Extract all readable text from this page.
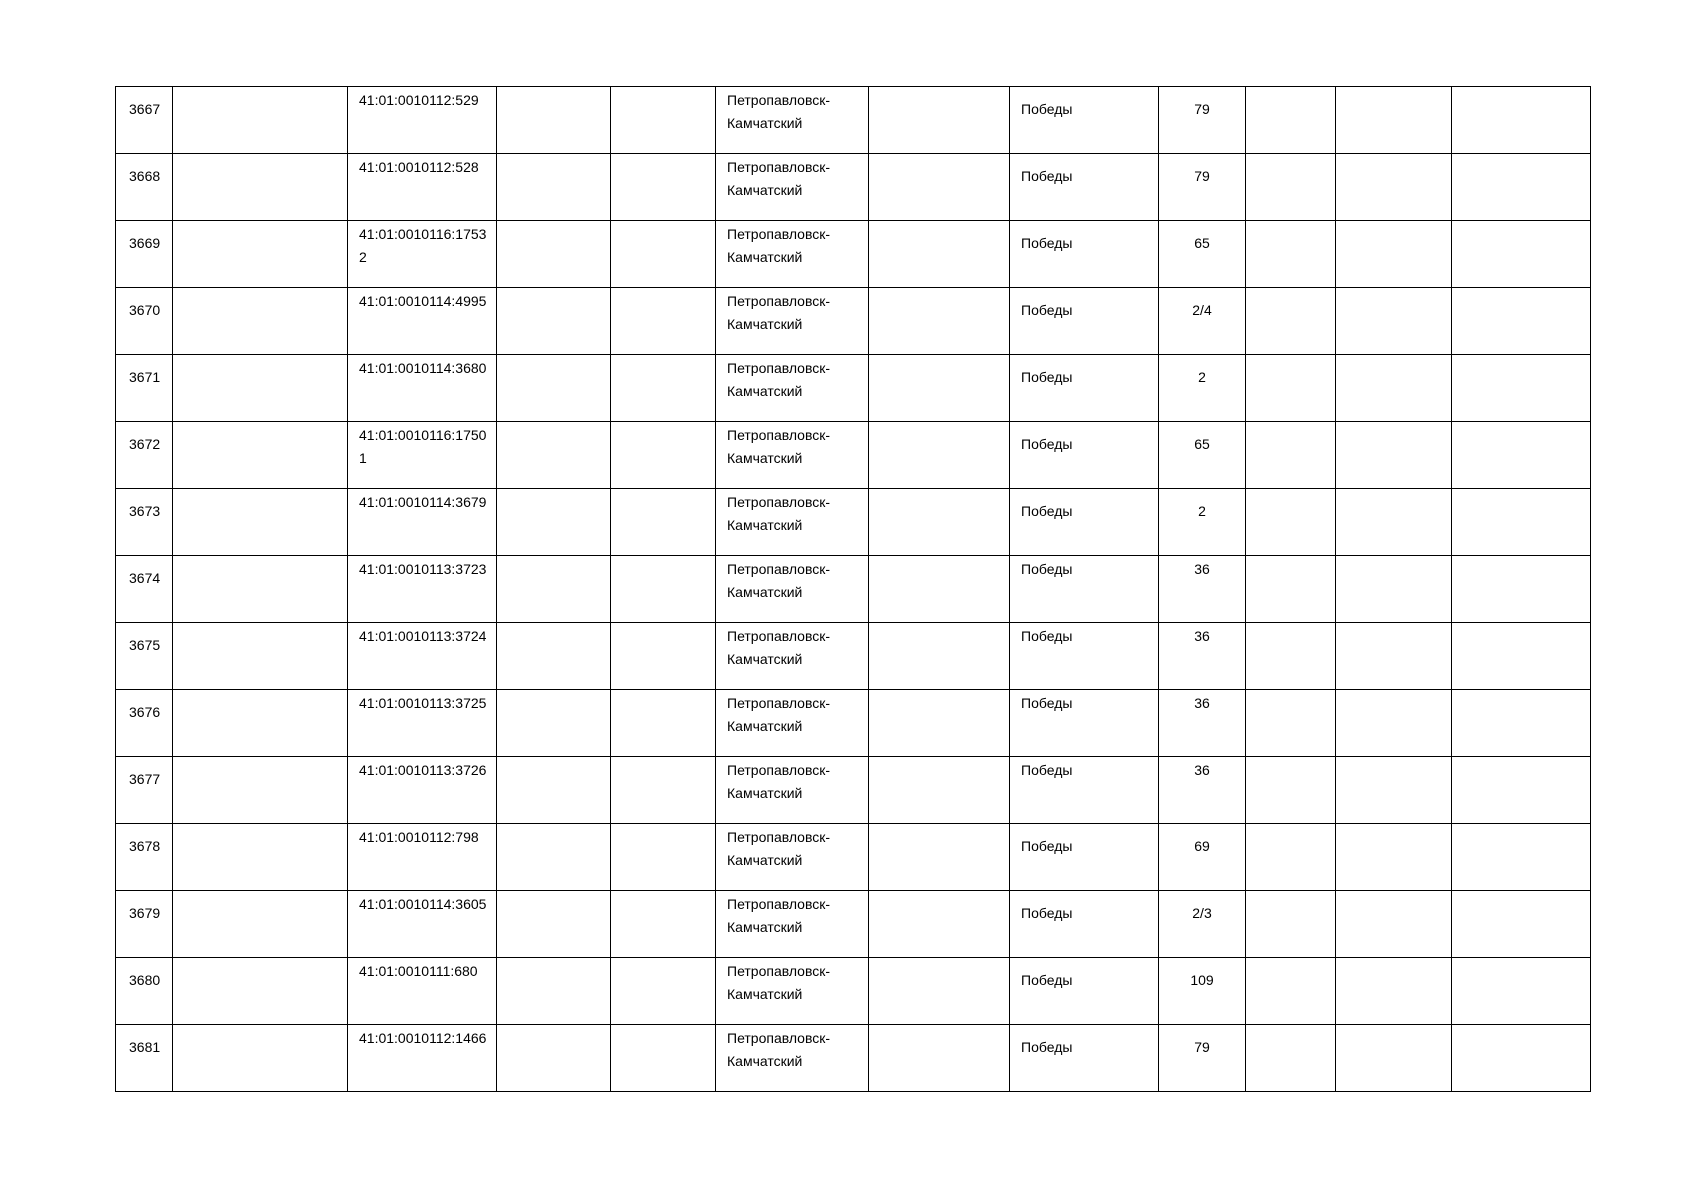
3667		41:01:0010112:529			Петропавловск-Камчатский		Победы	79			

3668		41:01:0010112:528			Петропавловск-Камчатский		Победы	79			

3669		41:01:0010116:17532			Петропавловск-Камчатский		Победы	65			

3670		41:01:0010114:4995			Петропавловск-Камчатский		Победы	2/4			

3671		41:01:0010114:3680			Петропавловск-Камчатский		Победы	2			

3672		41:01:0010116:17501			Петропавловск-Камчатский		Победы	65			

3673		41:01:0010114:3679			Петропавловск-Камчатский		Победы	2			

3674		41:01:0010113:3723			Петропавловск-Камчатский		Победы	36			

3675		41:01:0010113:3724			Петропавловск-Камчатский		Победы	36			

3676		41:01:0010113:3725			Петропавловск-Камчатский		Победы	36			

3677		41:01:0010113:3726			Петропавловск-Камчатский		Победы	36			

3678		41:01:0010112:798			Петропавловск-Камчатский		Победы	69			

3679		41:01:0010114:3605			Петропавловск-Камчатский		Победы	2/3			

3680		41:01:0010111:680			Петропавловск-Камчатский		Победы	109			

3681		41:01:0010112:1466			Петропавловск-Камчатский		Победы	79			
